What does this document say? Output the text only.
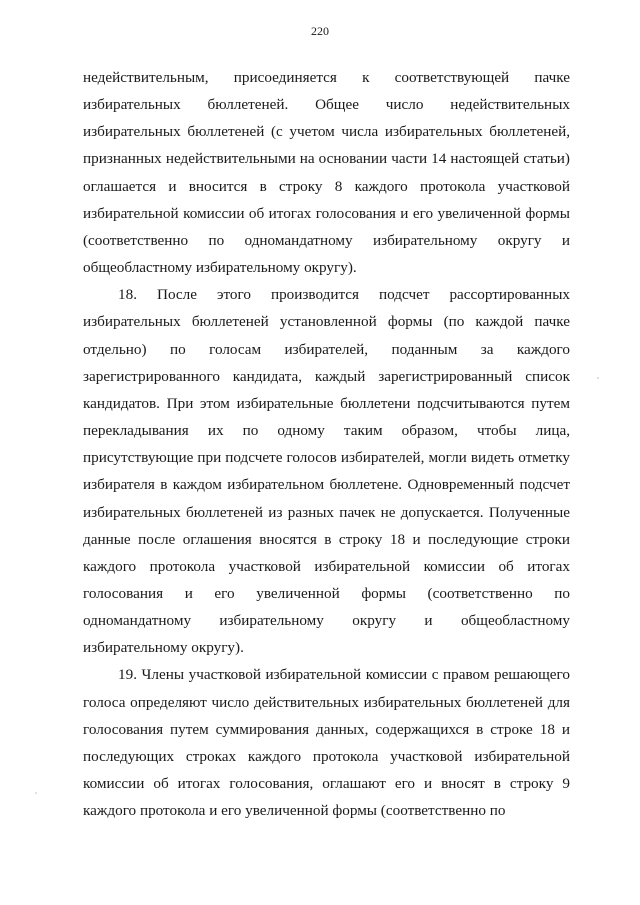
220

недействительным, присоединяется к соответствующей пачке избирательных бюллетеней. Общее число недействительных избирательных бюллетеней (с учетом числа избирательных бюллетеней, признанных недействительными на основании части 14 настоящей статьи) оглашается и вносится в строку 8 каждого протокола участковой избирательной комиссии об итогах голосования и его увеличенной формы (соответственно по одномандатному избирательному округу и общеобластному избирательному округу).

18. После этого производится подсчет рассортированных избирательных бюллетеней установленной формы (по каждой пачке отдельно) по голосам избирателей, поданным за каждого зарегистрированного кандидата, каждый зарегистрированный список кандидатов. При этом избирательные бюллетени подсчитываются путем перекладывания их по одному таким образом, чтобы лица, присутствующие при подсчете голосов избирателей, могли видеть отметку избирателя в каждом избирательном бюллетене. Одновременный подсчет избирательных бюллетеней из разных пачек не допускается. Полученные данные после оглашения вносятся в строку 18 и последующие строки каждого протокола участковой избирательной комиссии об итогах голосования и его увеличенной формы (соответственно по одномандатному избирательному округу и общеобластному избирательному округу).

19. Члены участковой избирательной комиссии с правом решающего голоса определяют число действительных избирательных бюллетеней для голосования путем суммирования данных, содержащихся в строке 18 и последующих строках каждого протокола участковой избирательной комиссии об итогах голосования, оглашают его и вносят в строку 9 каждого протокола и его увеличенной формы (соответственно по
